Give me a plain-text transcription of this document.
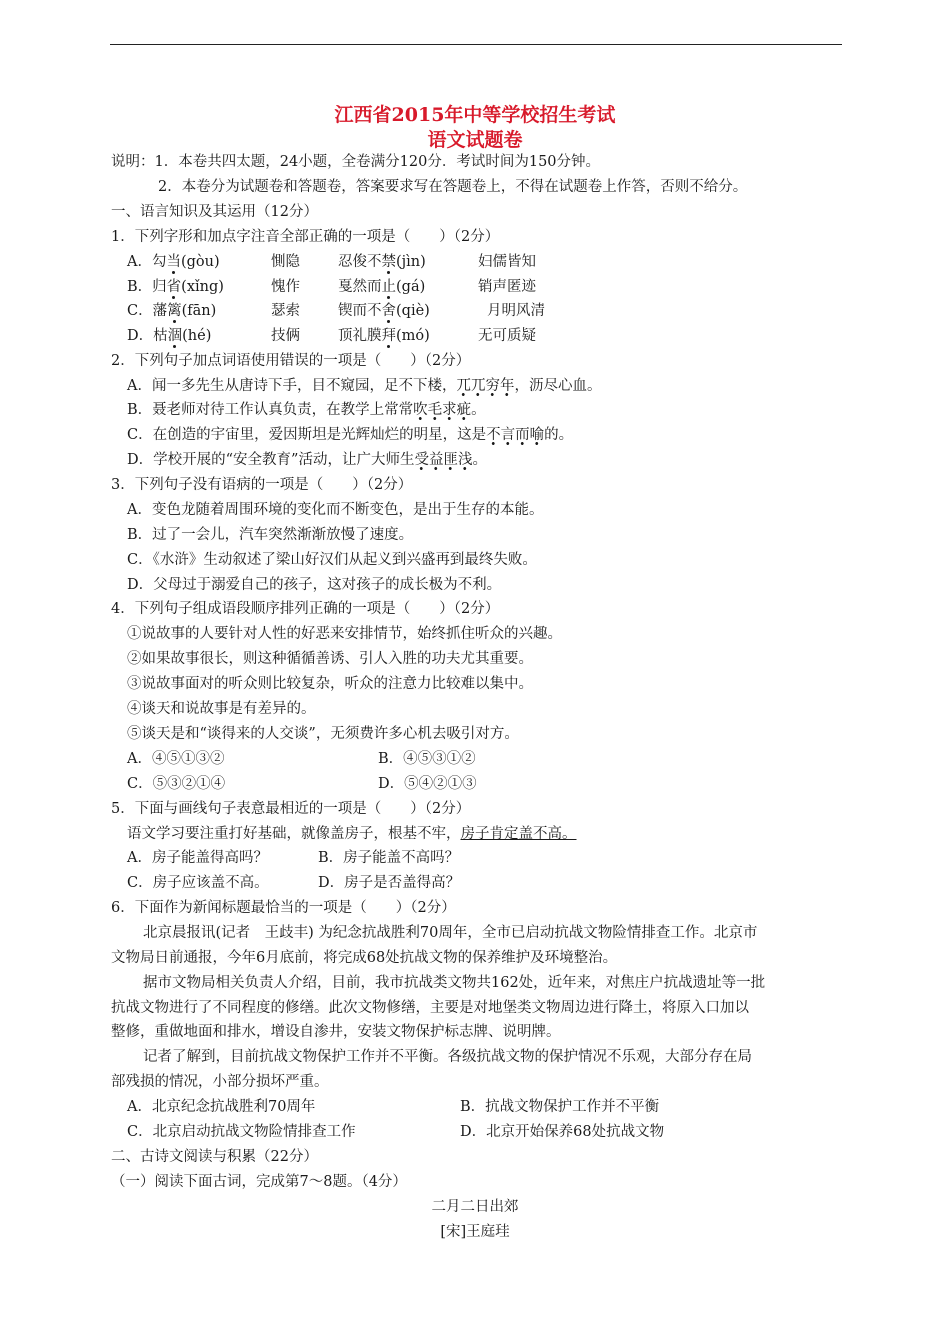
江西省2015年中等学校招生考试
语文试题卷
说明：1．本卷共四太题，24小题，全卷满分120分．考试时间为150分钟。
2．本卷分为试题卷和答题卷，答案要求写在答题卷上，不得在试题卷上作答，否则不给分。
一、语言知识及其运用（12分）
1．下列字形和加点字注音全部正确的一项是（　　）（2分）
A．勾当(gòu)	惻隐	忍俊不禁(jìn)	妇儒皆知
B．归省(xǐng)	愧作	戛然而止(gá)	销声匿迹
C．藩篱(fān)	瑟索	锲而不舍(qiè)	月明风清
D．枯涸(hé)	技俩	顶礼膜拜(mó)	无可质疑
2．下列句子加点词语使用错误的一项是（　　）（2分）
A．闻一多先生从唐诗下手，目不窥园，足不下楼，兀兀穷年，沥尽心血。
B．聂老师对待工作认真负责，在教学上常常吹毛求疵。
C．在创造的宇宙里，爱因斯坦是光辉灿烂的明星，这是不言而喻的。
D．学校开展的“安全教育”活动，让广大师生受益匪浅。
3．下列句子没有语病的一项是（　　）（2分）
A．变色龙随着周围环境的变化而不断变色，是出于生存的本能。
B．过了一会儿，汽车突然渐渐放慢了速度。
C．《水浒》生动叙述了梁山好汉们从起义到兴盛再到最终失败。
D．父母过于溺爱自己的孩子，这对孩子的成长极为不利。
4．下列句子组成语段顺序排列正确的一项是（　　）（2分）
①说故事的人要针对人性的好恶来安排情节，始终抓住听众的兴趣。
②如果故事很长，则这种循循善诱、引人入胜的功夫尤其重要。
③说故事面对的听众则比较复杂，听众的注意力比较难以集中。
④谈天和说故事是有差异的。
⑤谈天是和“谈得来的人交谈”，无须费许多心机去吸引对方。
A．④⑤①③②	B．④⑤③①②
C．⑤③②①④	D．⑤④②①③
5．下面与画线句子表意最相近的一项是（　　）（2分）
语文学习要注重打好基础，就像盖房子，根基不牢，房子肯定盖不高。
A．房子能盖得高吗？	B．房子能盖不高吗？
C．房子应该盖不高。	D．房子是否盖得高？
6．下面作为新闻标题最恰当的一项是（　　）（2分）
北京晨报讯(记者　王歧丰) 为纪念抗战胜利70周年，全市已启动抗战文物险情排查工作。北京市
文物局日前通报，今年6月底前，将完成68处抗战文物的保养维护及环境整治。
据市文物局相关负责人介绍，目前，我市抗战类文物共162处，近年来，对焦庄户抗战遗址等一批
抗战文物进行了不同程度的修缮。此次文物修缮，主要是对地堡类文物周边进行降土，将原入口加以
整修，重做地面和排水，增设自渗井，安装文物保护标志牌、说明牌。
记者了解到，目前抗战文物保护工作并不平衡。各级抗战文物的保护情况不乐观，大部分存在局
部残损的情况，小部分损坏严重。
A．北京纪念抗战胜利70周年	B．抗战文物保护工作并不平衡
C．北京启动抗战文物险情排查工作	D．北京开始保养68处抗战文物
二、古诗文阅读与积累（22分）
（一）阅读下面古词，完成第7～8题。（4分）
二月二日出郊
[宋]王庭珪
